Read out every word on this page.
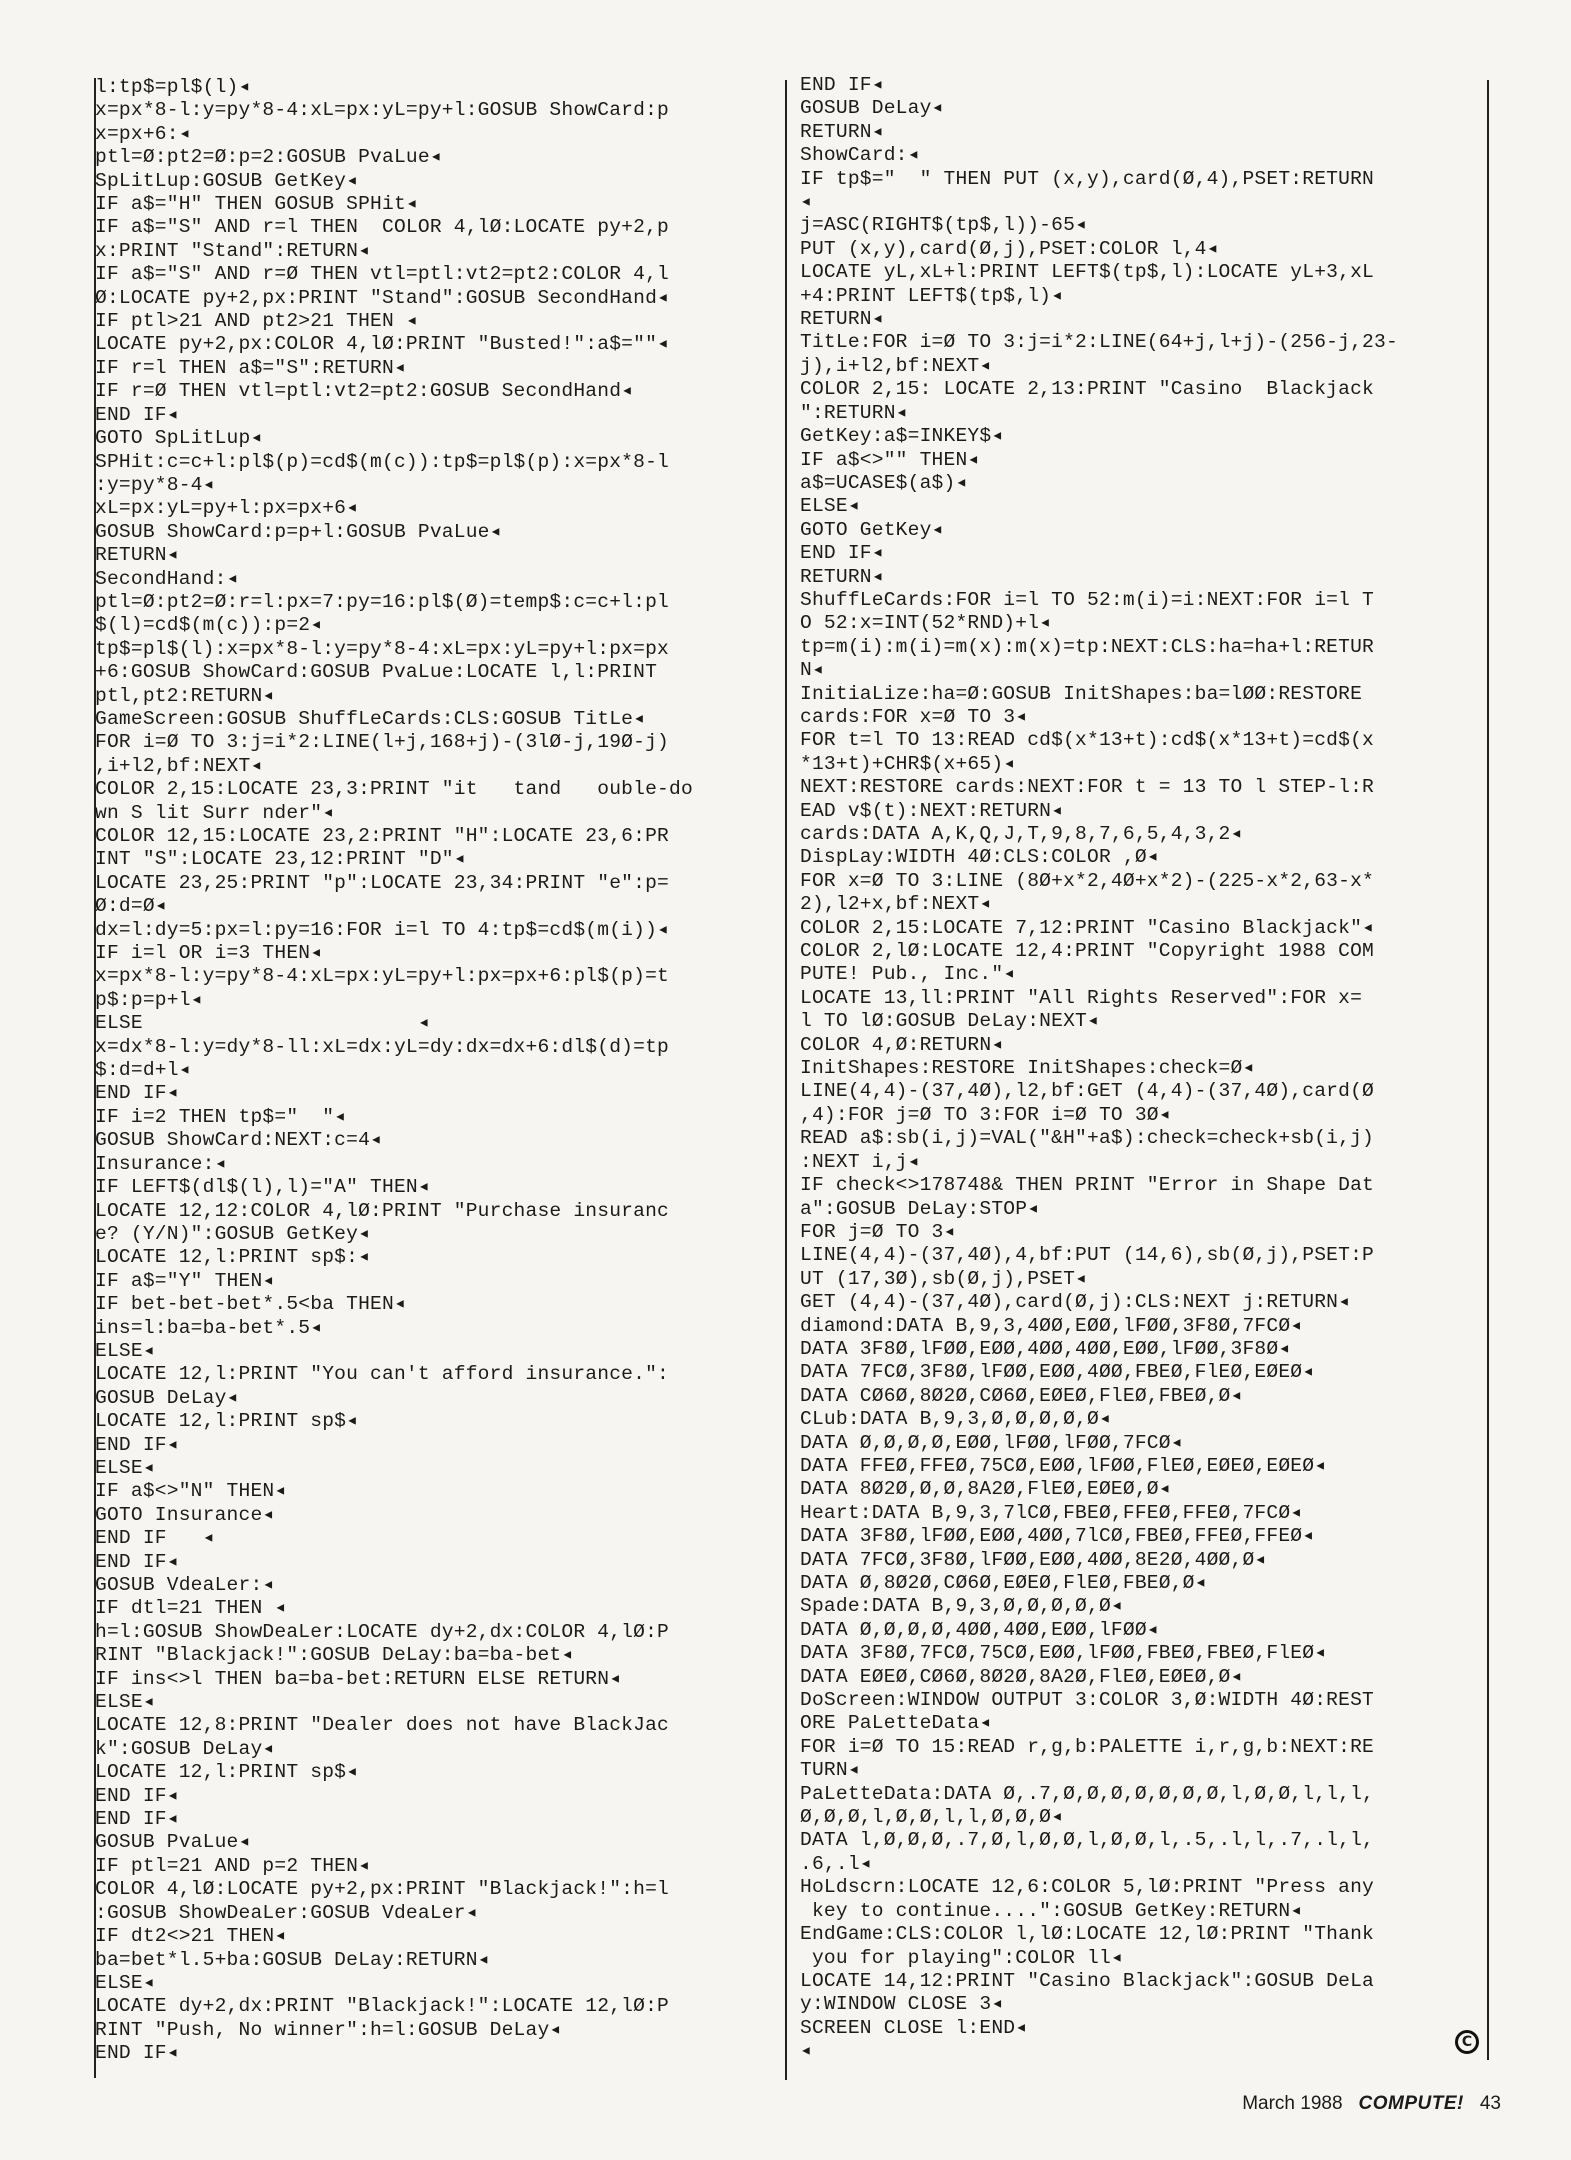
l:tp$=pl$(l)◂
x=px*8-l:y=py*8-4:xL=px:yL=py+l:GOSUB ShowCard:p
x=px+6:◂
ptl=Ø:pt2=Ø:p=2:GOSUB PvaLue◂
SpLitLup:GOSUB GetKey◂
IF a$="H" THEN GOSUB SPHit◂
IF a$="S" AND r=l THEN  COLOR 4,lØ:LOCATE py+2,p
x:PRINT "Stand":RETURN◂
IF a$="S" AND r=Ø THEN vtl=ptl:vt2=pt2:COLOR 4,l
Ø:LOCATE py+2,px:PRINT "Stand":GOSUB SecondHand◂
IF ptl>21 AND pt2>21 THEN ◂
LOCATE py+2,px:COLOR 4,lØ:PRINT "Busted!":a$=""◂
IF r=l THEN a$="S":RETURN◂
IF r=Ø THEN vtl=ptl:vt2=pt2:GOSUB SecondHand◂
END IF◂
GOTO SpLitLup◂
SPHit:c=c+l:pl$(p)=cd$(m(c)):tp$=pl$(p):x=px*8-l
:y=py*8-4◂
xL=px:yL=py+l:px=px+6◂
GOSUB ShowCard:p=p+l:GOSUB PvaLue◂
RETURN◂
SecondHand:◂
ptl=Ø:pt2=Ø:r=l:px=7:py=16:pl$(Ø)=temp$:c=c+l:pl
$(l)=cd$(m(c)):p=2◂
tp$=pl$(l):x=px*8-l:y=py*8-4:xL=px:yL=py+l:px=px
+6:GOSUB ShowCard:GOSUB PvaLue:LOCATE l,l:PRINT
ptl,pt2:RETURN◂
GameScreen:GOSUB ShuffLeCards:CLS:GOSUB TitLe◂
FOR i=Ø TO 3:j=i*2:LINE(l+j,168+j)-(3lØ-j,19Ø-j)
,i+l2,bf:NEXT◂
COLOR 2,15:LOCATE 23,3:PRINT "it   tand   ouble-do
wn S lit Surr nder"◂
COLOR 12,15:LOCATE 23,2:PRINT "H":LOCATE 23,6:PR
INT "S":LOCATE 23,12:PRINT "D"◂
LOCATE 23,25:PRINT "p":LOCATE 23,34:PRINT "e":p=
Ø:d=Ø◂
dx=l:dy=5:px=l:py=16:FOR i=l TO 4:tp$=cd$(m(i))◂
IF i=l OR i=3 THEN◂
x=px*8-l:y=py*8-4:xL=px:yL=py+l:px=px+6:pl$(p)=t
p$:p=p+l◂
ELSE                       ◂
x=dx*8-l:y=dy*8-ll:xL=dx:yL=dy:dx=dx+6:dl$(d)=tp
$:d=d+l◂
END IF◂
IF i=2 THEN tp$="  "◂
GOSUB ShowCard:NEXT:c=4◂
Insurance:◂
IF LEFT$(dl$(l),l)="A" THEN◂
LOCATE 12,12:COLOR 4,lØ:PRINT "Purchase insuranc
e? (Y/N)":GOSUB GetKey◂
LOCATE 12,l:PRINT sp$:◂
IF a$="Y" THEN◂
IF bet-bet-bet*.5<ba THEN◂
ins=l:ba=ba-bet*.5◂
ELSE◂
LOCATE 12,l:PRINT "You can't afford insurance.":
GOSUB DeLay◂
LOCATE 12,l:PRINT sp$◂
END IF◂
ELSE◂
IF a$<>"N" THEN◂
GOTO Insurance◂
END IF   ◂
END IF◂
GOSUB VdeaLer:◂
IF dtl=21 THEN ◂
h=l:GOSUB ShowDeaLer:LOCATE dy+2,dx:COLOR 4,lØ:P
RINT "Blackjack!":GOSUB DeLay:ba=ba-bet◂
IF ins<>l THEN ba=ba-bet:RETURN ELSE RETURN◂
ELSE◂
LOCATE 12,8:PRINT "Dealer does not have BlackJac
k":GOSUB DeLay◂
LOCATE 12,l:PRINT sp$◂
END IF◂
END IF◂
GOSUB PvaLue◂
IF ptl=21 AND p=2 THEN◂
COLOR 4,lØ:LOCATE py+2,px:PRINT "Blackjack!":h=l
:GOSUB ShowDeaLer:GOSUB VdeaLer◂
IF dt2<>21 THEN◂
ba=bet*l.5+ba:GOSUB DeLay:RETURN◂
ELSE◂
LOCATE dy+2,dx:PRINT "Blackjack!":LOCATE 12,lØ:P
RINT "Push, No winner":h=l:GOSUB DeLay◂
END IF◂
END IF◂
GOSUB DeLay◂
RETURN◂
ShowCard:◂
IF tp$="  " THEN PUT (x,y),card(Ø,4),PSET:RETURN
◂
j=ASC(RIGHT$(tp$,l))-65◂
PUT (x,y),card(Ø,j),PSET:COLOR l,4◂
LOCATE yL,xL+l:PRINT LEFT$(tp$,l):LOCATE yL+3,xL
+4:PRINT LEFT$(tp$,l)◂
RETURN◂
TitLe:FOR i=Ø TO 3:j=i*2:LINE(64+j,l+j)-(256-j,23-
j),i+l2,bf:NEXT◂
COLOR 2,15: LOCATE 2,13:PRINT "Casino  Blackjack
":RETURN◂
GetKey:a$=INKEY$◂
IF a$<>"" THEN◂
a$=UCASE$(a$)◂
ELSE◂
GOTO GetKey◂
END IF◂
RETURN◂
ShuffLeCards:FOR i=l TO 52:m(i)=i:NEXT:FOR i=l T
O 52:x=INT(52*RND)+l◂
tp=m(i):m(i)=m(x):m(x)=tp:NEXT:CLS:ha=ha+l:RETUR
N◂
InitiaLize:ha=Ø:GOSUB InitShapes:ba=lØØ:RESTORE
cards:FOR x=Ø TO 3◂
FOR t=l TO 13:READ cd$(x*13+t):cd$(x*13+t)=cd$(x
*13+t)+CHR$(x+65)◂
NEXT:RESTORE cards:NEXT:FOR t = 13 TO l STEP-l:R
EAD v$(t):NEXT:RETURN◂
cards:DATA A,K,Q,J,T,9,8,7,6,5,4,3,2◂
DispLay:WIDTH 4Ø:CLS:COLOR ,Ø◂
FOR x=Ø TO 3:LINE (8Ø+x*2,4Ø+x*2)-(225-x*2,63-x*
2),l2+x,bf:NEXT◂
COLOR 2,15:LOCATE 7,12:PRINT "Casino Blackjack"◂
COLOR 2,lØ:LOCATE 12,4:PRINT "Copyright 1988 COM
PUTE! Pub., Inc."◂
LOCATE 13,ll:PRINT "All Rights Reserved":FOR x=
l TO lØ:GOSUB DeLay:NEXT◂
COLOR 4,Ø:RETURN◂
InitShapes:RESTORE InitShapes:check=Ø◂
LINE(4,4)-(37,4Ø),l2,bf:GET (4,4)-(37,4Ø),card(Ø
,4):FOR j=Ø TO 3:FOR i=Ø TO 3Ø◂
READ a$:sb(i,j)=VAL("&H"+a$):check=check+sb(i,j)
:NEXT i,j◂
IF check<>178748& THEN PRINT "Error in Shape Dat
a":GOSUB DeLay:STOP◂
FOR j=Ø TO 3◂
LINE(4,4)-(37,4Ø),4,bf:PUT (14,6),sb(Ø,j),PSET:P
UT (17,3Ø),sb(Ø,j),PSET◂
GET (4,4)-(37,4Ø),card(Ø,j):CLS:NEXT j:RETURN◂
diamond:DATA B,9,3,4ØØ,EØØ,lFØØ,3F8Ø,7FCØ◂
DATA 3F8Ø,lFØØ,EØØ,4ØØ,4ØØ,EØØ,lFØØ,3F8Ø◂
DATA 7FCØ,3F8Ø,lFØØ,EØØ,4ØØ,FBEØ,FlEØ,EØEØ◂
DATA CØ6Ø,8Ø2Ø,CØ6Ø,EØEØ,FlEØ,FBEØ,Ø◂
CLub:DATA B,9,3,Ø,Ø,Ø,Ø,Ø◂
DATA Ø,Ø,Ø,Ø,EØØ,lFØØ,lFØØ,7FCØ◂
DATA FFEØ,FFEØ,75CØ,EØØ,lFØØ,FlEØ,EØEØ,EØEØ◂
DATA 8Ø2Ø,Ø,Ø,8A2Ø,FlEØ,EØEØ,Ø◂
Heart:DATA B,9,3,7lCØ,FBEØ,FFEØ,FFEØ,7FCØ◂
DATA 3F8Ø,lFØØ,EØØ,4ØØ,7lCØ,FBEØ,FFEØ,FFEØ◂
DATA 7FCØ,3F8Ø,lFØØ,EØØ,4ØØ,8E2Ø,4ØØ,Ø◂
DATA Ø,8Ø2Ø,CØ6Ø,EØEØ,FlEØ,FBEØ,Ø◂
Spade:DATA B,9,3,Ø,Ø,Ø,Ø,Ø◂
DATA Ø,Ø,Ø,Ø,4ØØ,4ØØ,EØØ,lFØØ◂
DATA 3F8Ø,7FCØ,75CØ,EØØ,lFØØ,FBEØ,FBEØ,FlEØ◂
DATA EØEØ,CØ6Ø,8Ø2Ø,8A2Ø,FlEØ,EØEØ,Ø◂
DoScreen:WINDOW OUTPUT 3:COLOR 3,Ø:WIDTH 4Ø:REST
ORE PaLetteData◂
FOR i=Ø TO 15:READ r,g,b:PALETTE i,r,g,b:NEXT:RE
TURN◂
PaLetteData:DATA Ø,.7,Ø,Ø,Ø,Ø,Ø,Ø,Ø,l,Ø,Ø,l,l,l,
Ø,Ø,Ø,l,Ø,Ø,l,l,Ø,Ø,Ø◂
DATA l,Ø,Ø,Ø,.7,Ø,l,Ø,Ø,l,Ø,Ø,l,.5,.l,l,.7,.l,l,
.6,.l◂
HoLdscrn:LOCATE 12,6:COLOR 5,lØ:PRINT "Press any
key to continue....":GOSUB GetKey:RETURN◂
EndGame:CLS:COLOR l,lØ:LOCATE 12,lØ:PRINT "Thank
you for playing":COLOR ll◂
LOCATE 14,12:PRINT "Casino Blackjack":GOSUB DeLa
y:WINDOW CLOSE 3◂
SCREEN CLOSE l:END◂
◂	C
March 1988 COMPUTE! 43
